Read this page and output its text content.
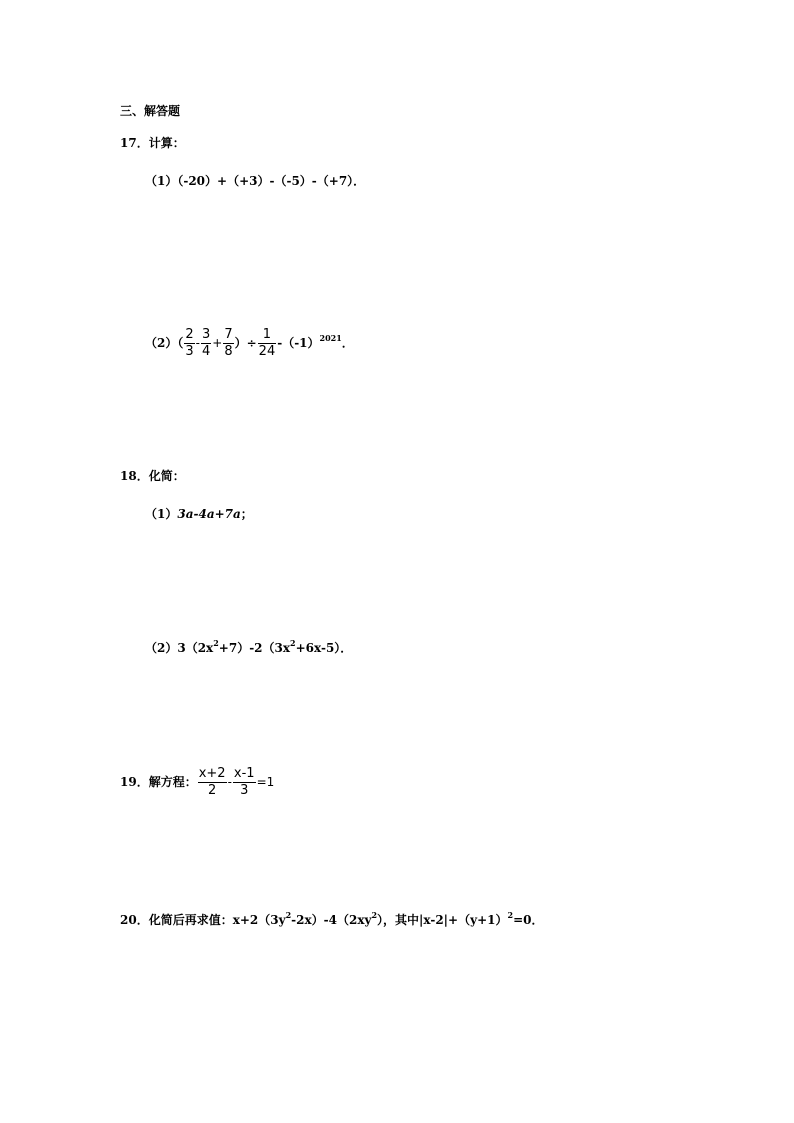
三、解答题
17．计算：
（1）（-20）+（+3）-（-5）-（+7）．
$(2)( \frac{2}{3} - \frac{3}{4} + \frac{7}{8}$ ）÷ $\frac{1}{24} -(-1)^{2021}$．
18．化简：
（1）3a-4a+7a；
$(2)3(2x^2+7)-2(3x^2+6x-5)$．
19．解方程： $\frac{x+2}{2} - \frac{x-1}{3} =1$
20．化简后再求值：$x+2(3y^2-2x)-4(2xy^2)$，其中$|x-2|+(y+1)^2=0$．
